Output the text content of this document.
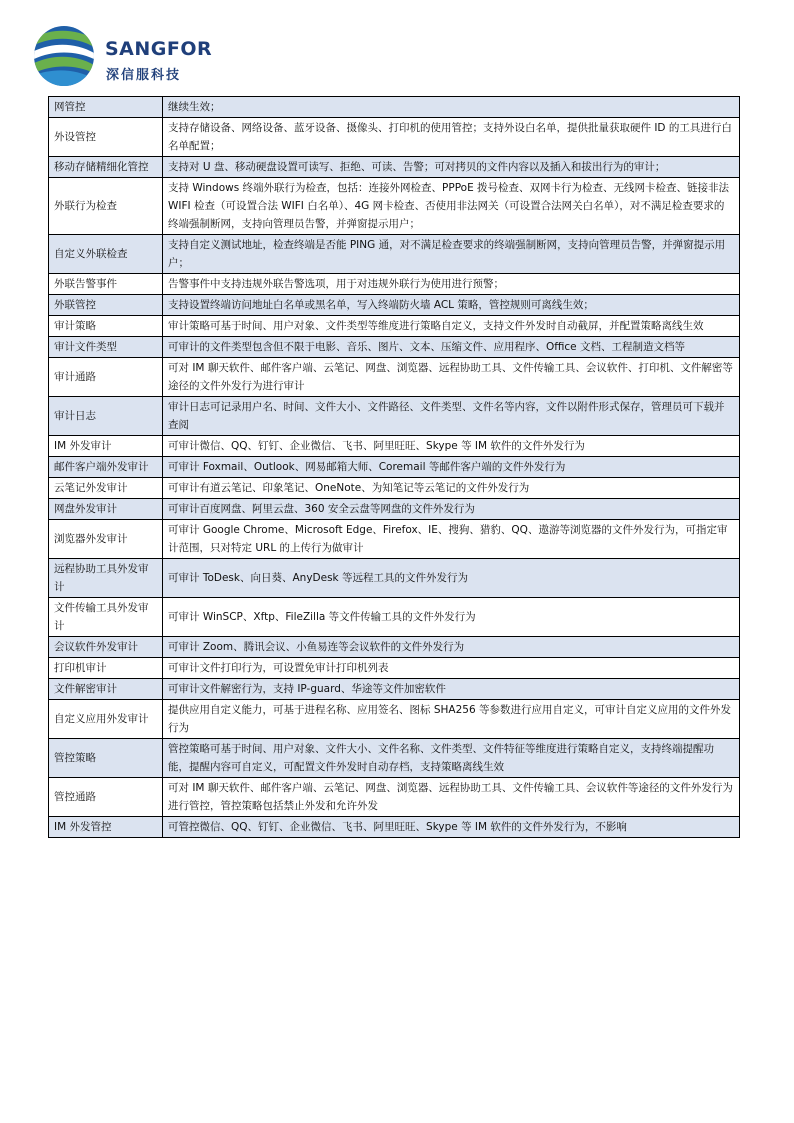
SANGFOR
深信服科技
网管控	继续生效；
外设管控	支持存储设备、网络设备、蓝牙设备、摄像头、打印机的使用管控；支持外设白名单，提供批量获取硬件 ID 的工具进行白名单配置；
移动存储精细化管控	支持对 U 盘、移动硬盘设置可读写、拒绝、可读、告警；可对拷贝的文件内容以及插入和拔出行为的审计；
外联行为检查	支持 Windows 终端外联行为检查，包括：连接外网检查、PPPoE 拨号检查、双网卡行为检查、无线网卡检查、链接非法 WIFI 检查（可设置合法 WIFI 白名单）、4G 网卡检查、否使用非法网关（可设置合法网关白名单），对不满足检查要求的终端强制断网，支持向管理员告警，并弹窗提示用户；
自定义外联检查	支持自定义测试地址，检查终端是否能 PING 通，对不满足检查要求的终端强制断网，支持向管理员告警，并弹窗提示用户；
外联告警事件	告警事件中支持违规外联告警选项，用于对违规外联行为使用进行预警；
外联管控	支持设置终端访问地址白名单或黑名单，写入终端防火墙 ACL 策略，管控规则可离线生效；
审计策略	审计策略可基于时间、用户对象、文件类型等维度进行策略自定义，支持文件外发时自动截屏，并配置策略离线生效
审计文件类型	可审计的文件类型包含但不限于电影、音乐、图片、文本、压缩文件、应用程序、Office 文档、工程制造文档等
审计通路	可对 IM 聊天软件、邮件客户端、云笔记、网盘、浏览器、远程协助工具、文件传输工具、会议软件、打印机、文件解密等途径的文件外发行为进行审计
审计日志	审计日志可记录用户名、时间、文件大小、文件路径、文件类型、文件名等内容，文件以附件形式保存，管理员可下载并查阅
IM 外发审计	可审计微信、QQ、钉钉、企业微信、飞书、阿里旺旺、Skype 等 IM 软件的文件外发行为
邮件客户端外发审计	可审计 Foxmail、Outlook、网易邮箱大师、Coremail 等邮件客户端的文件外发行为
云笔记外发审计	可审计有道云笔记、印象笔记、OneNote、为知笔记等云笔记的文件外发行为
网盘外发审计	可审计百度网盘、阿里云盘、360 安全云盘等网盘的文件外发行为
浏览器外发审计	可审计 Google Chrome、Microsoft Edge、Firefox、IE、搜狗、猎豹、QQ、遨游等浏览器的文件外发行为，可指定审计范围，只对特定 URL 的上传行为做审计
远程协助工具外发审计	可审计 ToDesk、向日葵、AnyDesk 等远程工具的文件外发行为
文件传输工具外发审计	可审计 WinSCP、Xftp、FileZilla 等文件传输工具的文件外发行为
会议软件外发审计	可审计 Zoom、腾讯会议、小鱼易连等会议软件的文件外发行为
打印机审计	可审计文件打印行为，可设置免审计打印机列表
文件解密审计	可审计文件解密行为，支持 IP-guard、华途等文件加密软件
自定义应用外发审计	提供应用自定义能力，可基于进程名称、应用签名、图标 SHA256 等参数进行应用自定义，可审计自定义应用的文件外发行为
管控策略	管控策略可基于时间、用户对象、文件大小、文件名称、文件类型、文件特征等维度进行策略自定义，支持终端提醒功能，提醒内容可自定义，可配置文件外发时自动存档，支持策略离线生效
管控通路	可对 IM 聊天软件、邮件客户端、云笔记、网盘、浏览器、远程协助工具、文件传输工具、会议软件等途径的文件外发行为进行管控，管控策略包括禁止外发和允许外发
IM 外发管控	可管控微信、QQ、钉钉、企业微信、飞书、阿里旺旺、Skype 等 IM 软件的文件外发行为，不影响
